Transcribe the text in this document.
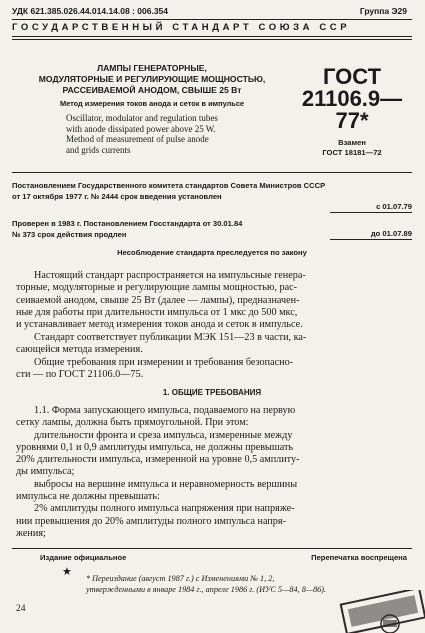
УДК 621.385.026.44.014.14.08 : 006.354	Группа Э29
ГОСУДАРСТВЕННЫЙ СТАНДАРТ СОЮЗА ССР
ЛАМПЫ ГЕНЕРАТОРНЫЕ,
МОДУЛЯТОРНЫЕ И РЕГУЛИРУЮЩИЕ МОЩНОСТЬЮ,
РАССЕИВАЕМОЙ АНОДОМ, СВЫШЕ 25 Вт
Метод измерения токов анода и сеток в импульсе
Oscillator, modulator and regulation tubes
with anode dissipated power above 25 W.
Method of measurement of pulse anode
and grids currents
ГОСТ
21106.9—77*
Взамен
ГОСТ 18181—72
Постановлением Государственного комитета стандартов Совета Министров СССР
от 17 октября 1977 г. № 2444 срок введения установлен
с 01.07.79
Проверен в 1983 г. Постановлением Госстандарта от 30.01.84
№ 373 срок действия продлен	до 01.07.89
Несоблюдение стандарта преследуется по закону
Настоящий стандарт распространяется на импульсные генера-
торные, модуляторные и регулирующие лампы мощностью, рас-
сеиваемой анодом, свыше 25 Вт (далее — лампы), предназначен-
ные для работы при длительности импульса от 1 мкс до 500 мкс,
и устанавливает метод измерения токов анода и сеток в импульсе.
Стандарт соответствует публикации МЭК 151—23 в части, ка-
сающейся метода измерения.
Общие требования при измерении и требования безопасно-
сти — по ГОСТ 21106.0—75.
1. ОБЩИЕ ТРЕБОВАНИЯ
1.1. Форма запускающего импульса, подаваемого на первую
сетку лампы, должна быть прямоугольной. При этом:
длительности фронта и среза импульса, измеренные между
уровнями 0,1 и 0,9 амплитуды импульса, не должны превышать
20% длительности импульса, измеренной на уровне 0,5 амплиту-
ды импульса;
выбросы на вершине импульса и неравномерность вершины
импульса не должны превышать:
2% амплитуды полного импульса напряжения при напряже-
нии превышения до 20% амплитуды полного импульса напря-
жения;
Издание официальное	Перепечатка воспрещена
★
* Переиздание (август 1987 г.) с Изменениями № 1, 2,
утвержденными в январе 1984 г., апреле 1986 г. (ИУС 5—84, 8—86).
24
